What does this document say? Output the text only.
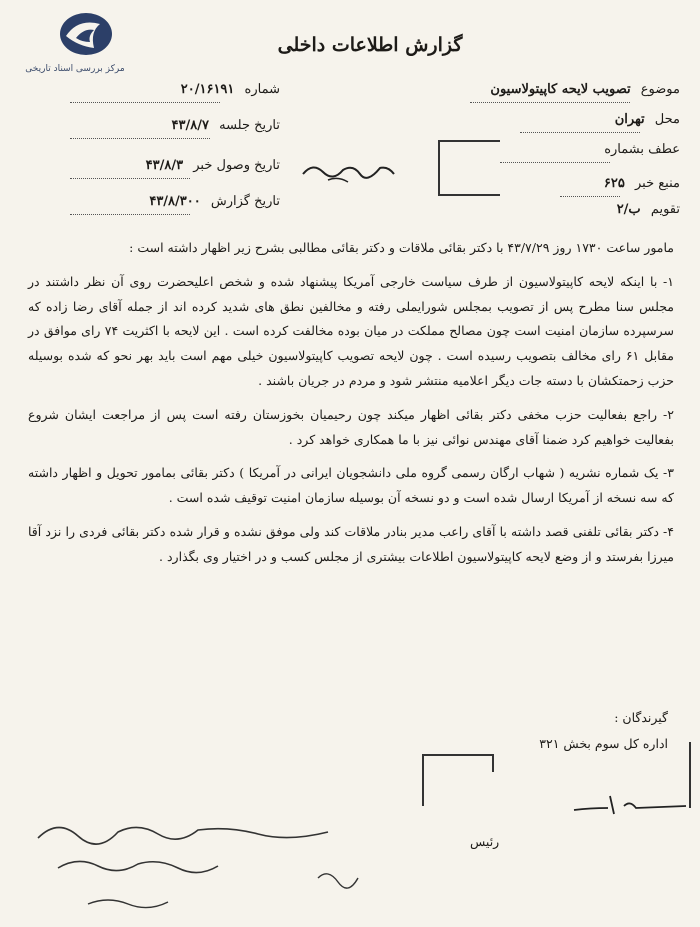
مرکز بررسی اسناد تاریخی
گزارش اطلاعات داخلی
شماره ۲۰/۱۶۱۹۱
تاریخ جلسه ۴۳/۸/۷
تاریخ وصول خبر ۴۳/۸/۳
تاریخ گزارش ۴۳/۸/۳۰۰
موضوع تصویب لایحه کاپیتولاسیون
محل تهران
عطف بشماره
منبع خبر ۶۲۵
تقویم ب/۲

مامور ساعت ۱۷۳۰ روز ۴۳/۷/۲۹ با دکتر بقائی ملاقات و دکتر بقائی مطالبی بشرح زیر اظهار داشته است :

۱- با اینکه لایحه کاپیتولاسیون از طرف سیاست خارجی آمریکا پیشنهاد شده و شخص اعلیحضرت روی آن نظر داشتند در مجلس سنا مطرح پس از تصویب بمجلس شورایملی رفته و مخالفین نطق های شدید کرده اند از جمله آقای رضا زاده که سرسپرده سازمان امنیت است چون مصالح مملکت در میان بوده مخالفت کرده است . این لایحه با اکثریت ۷۴ رای موافق در مقابل ۶۱ رای مخالف بتصویب رسیده است . چون لایحه تصویب کاپیتولاسیون خیلی مهم است باید بهر نحو که شده بوسیله حزب زحمتکشان با دسته جات دیگر اعلامیه منتشر شود و مردم در جریان باشند .

۲- راجع بفعالیت حزب مخفی دکتر بقائی اظهار میکند چون رحیمیان بخوزستان رفته است پس از مراجعت ایشان شروع بفعالیت خواهیم کرد ضمنا آقای مهندس نوائی نیز با ما همکاری خواهد کرد .

۳- یک شماره نشریه ( شهاب ارگان رسمی گروه ملی دانشجویان ایرانی در آمریکا ) دکتر بقائی بمامور تحویل و اظهار داشته که سه نسخه از آمریکا ارسال شده است و دو نسخه آن بوسیله سازمان امنیت توقیف شده است .

۴- دکتر بقائی تلفنی قصد داشته با آقای راعب مدیر بنادر ملاقات کند ولی موفق نشده و قرار شده دکتر بقائی فردی را نزد آقا میرزا بفرستد و از وضع لایحه کاپیتولاسیون اطلاعات بیشتری از مجلس کسب و در اختیار وی بگذارد .

گیرندگان :
اداره کل سوم بخش ۳۲۱
رئیس
